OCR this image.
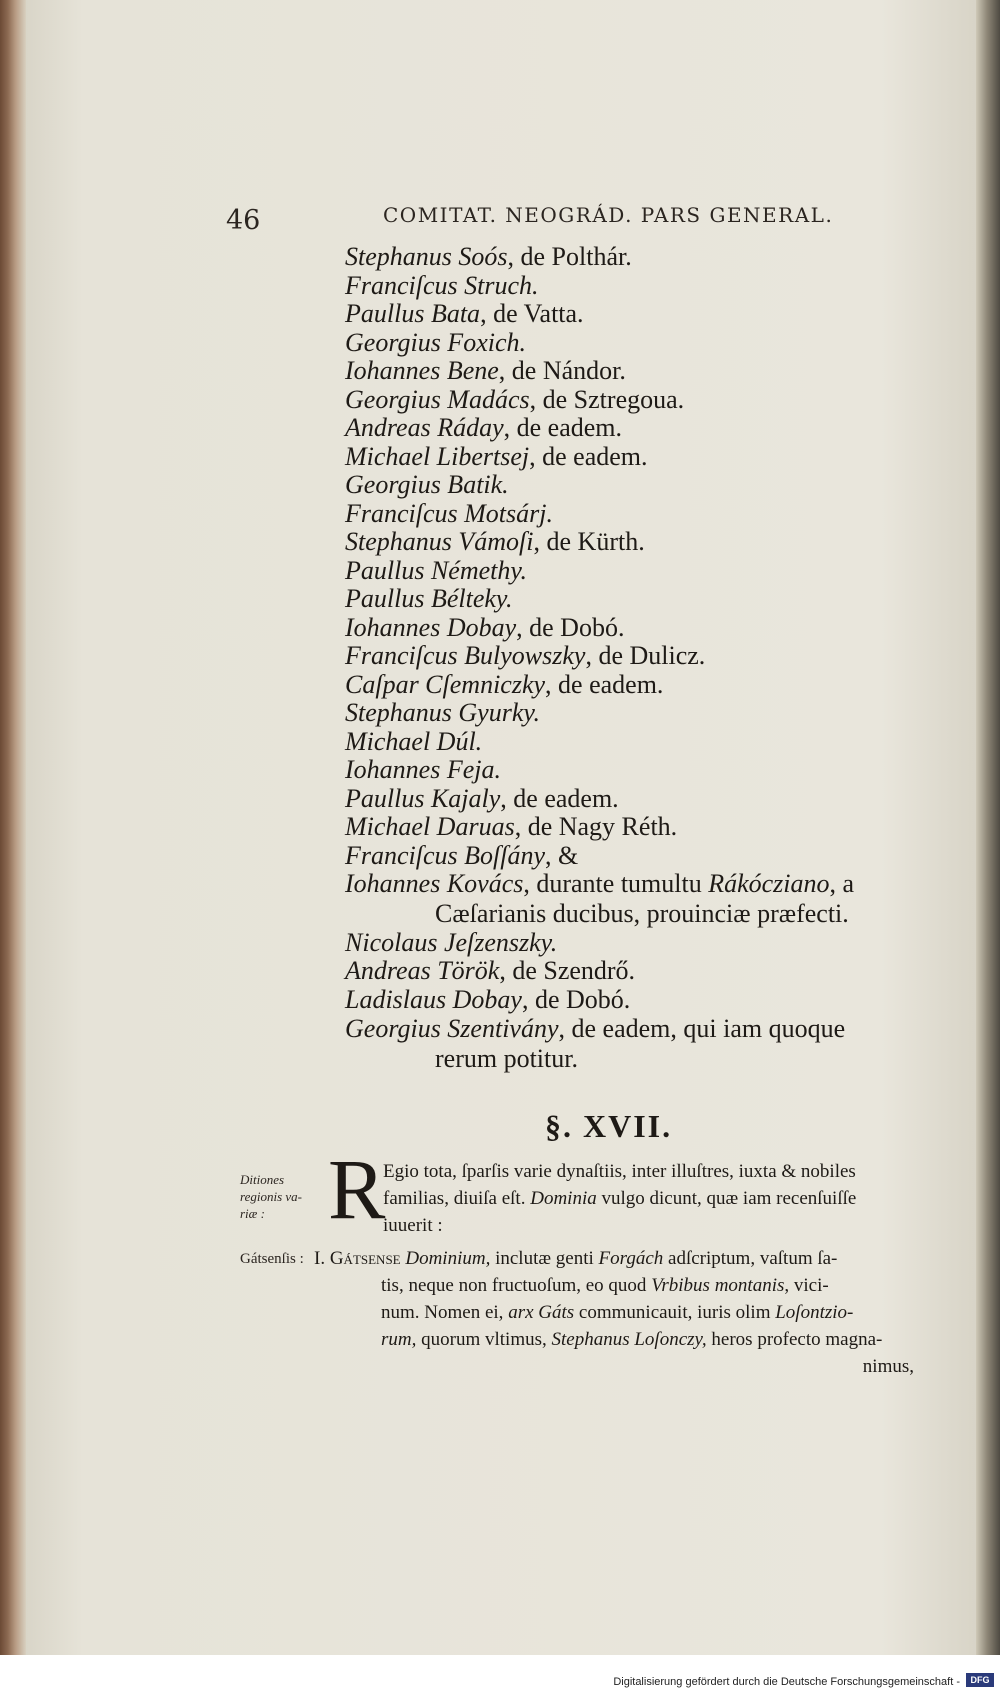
46	COMITAT. NEOGRÁD. PARS GENERAL.
Stephanus Soós, de Polthár.
Franciſcus Struch.
Paullus Bata, de Vatta.
Georgius Foxich.
Iohannes Bene, de Nándor.
Georgius Madács, de Sztregoua.
Andreas Ráday, de eadem.
Michael Libertsej, de eadem.
Georgius Batik.
Franciſcus Motsárj.
Stephanus Vámoſi, de Kürth.
Paullus Némethy.
Paullus Bélteky.
Iohannes Dobay, de Dobó.
Franciſcus Bulyowszky, de Dulicz.
Caſpar Cſemniczky, de eadem.
Stephanus Gyurky.
Michael Dúl.
Iohannes Feja.
Paullus Kajaly, de eadem.
Michael Daruas, de Nagy Réth.
Franciſcus Boſſány, &
Iohannes Kovács, durante tumultu Rákócziano, a
Cæſarianis ducibus, prouinciæ præfecti.
Nicolaus Jeſzenszky.
Andreas Török, de Szendrő.
Ladislaus Dobay, de Dobó.
Georgius Szentivány, de eadem, qui iam quoque
rerum potitur.
§. XVII.
Ditiones
regionis va-
riæ : R
Egio tota, ſparſis varie dynaſtiis, inter illuſtres, iuxta & nobiles
familias, diuiſa eſt. Dominia vulgo dicunt, quæ iam recenſuiſſe
iuuerit :
Gátsenſis : I. Gátsense Dominium, inclutæ genti Forgách adſcriptum, vaſtum ſa-
tis, neque non fructuoſum, eo quod Vrbibus montanis, vici-
num. Nomen ei, arx Gáts communicauit, iuris olim Loſontzio-
rum, quorum vltimus, Stephanus Loſonczy, heros profecto magna-
nimus,
Digitalisierung gefördert durch die Deutsche Forschungsgemeinschaft -	DFG
